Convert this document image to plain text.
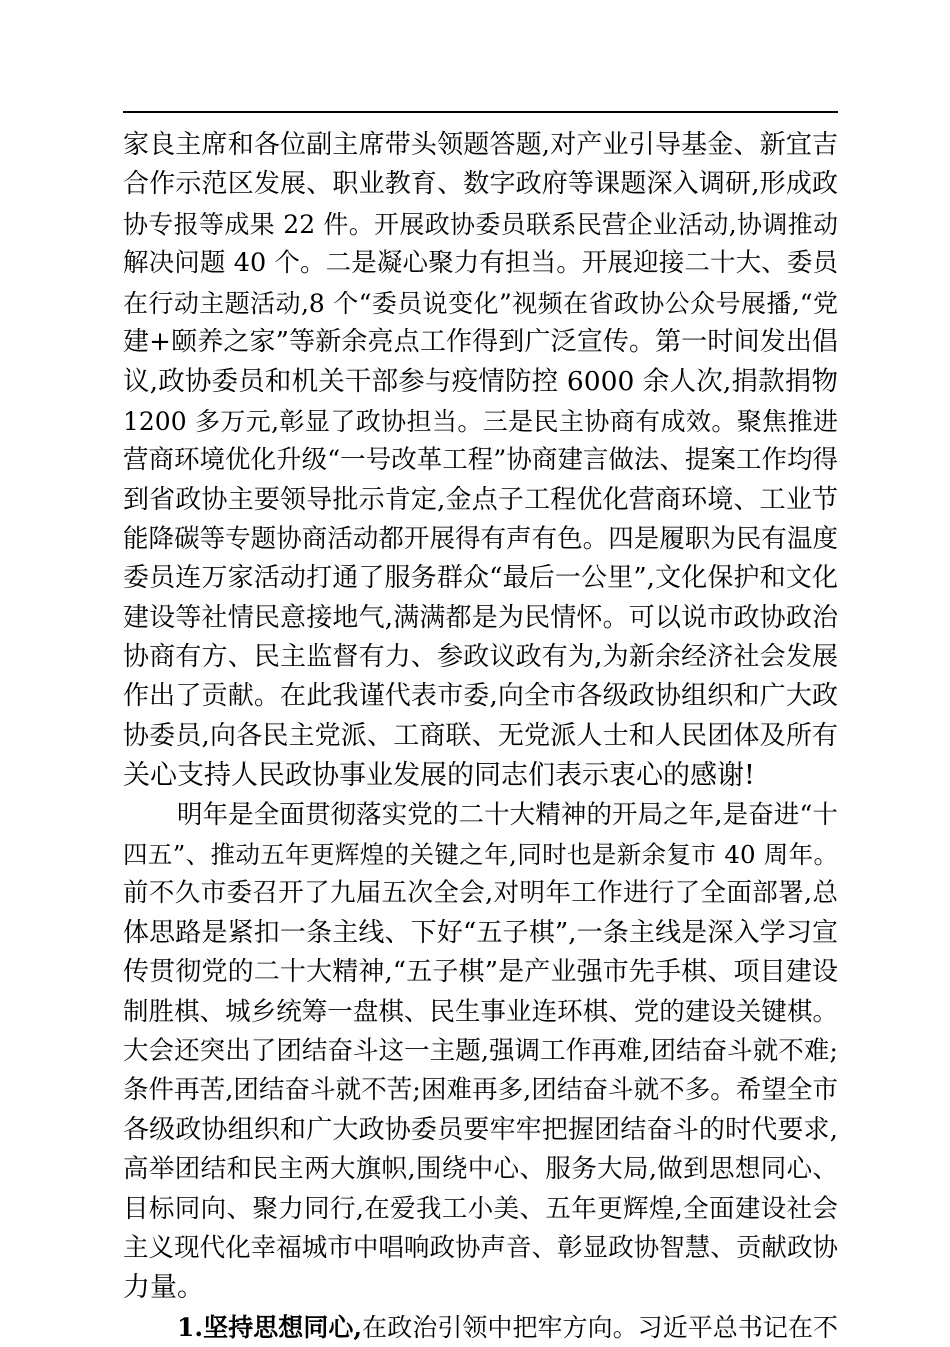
家良主席和各位副主席带头领题答题,对产业引导基金、新宜吉
合作示范区发展、职业教育、数字政府等课题深入调研,形成政
协专报等成果 22 件。开展政协委员联系民营企业活动,协调推动
解决问题 40 个。二是凝心聚力有担当。开展迎接二十大、委员
在行动主题活动,8 个“委员说变化”视频在省政协公众号展播,“党
建+颐养之家”等新余亮点工作得到广泛宣传。第一时间发出倡
议,政协委员和机关干部参与疫情防控 6000 余人次,捐款捐物
1200 多万元,彰显了政协担当。三是民主协商有成效。聚焦推进
营商环境优化升级“一号改革工程”协商建言做法、提案工作均得
到省政协主要领导批示肯定,金点子工程优化营商环境、工业节
能降碳等专题协商活动都开展得有声有色。四是履职为民有温度
委员连万家活动打通了服务群众“最后一公里”,文化保护和文化
建设等社情民意接地气,满满都是为民情怀。可以说市政协政治
协商有方、民主监督有力、参政议政有为,为新余经济社会发展
作出了贡献。在此我谨代表市委,向全市各级政协组织和广大政
协委员,向各民主党派、工商联、无党派人士和人民团体及所有
关心支持人民政协事业发展的同志们表示衷心的感谢!
明年是全面贯彻落实党的二十大精神的开局之年,是奋进“十
四五”、推动五年更辉煌的关键之年,同时也是新余复市 40 周年。
前不久市委召开了九届五次全会,对明年工作进行了全面部署,总
体思路是紧扣一条主线、下好“五子棋”,一条主线是深入学习宣
传贯彻党的二十大精神,“五子棋”是产业强市先手棋、项目建设
制胜棋、城乡统筹一盘棋、民生事业连环棋、党的建设关键棋。
大会还突出了团结奋斗这一主题,强调工作再难,团结奋斗就不难;
条件再苦,团结奋斗就不苦;困难再多,团结奋斗就不多。希望全市
各级政协组织和广大政协委员要牢牢把握团结奋斗的时代要求,
高举团结和民主两大旗帜,围绕中心、服务大局,做到思想同心、
目标同向、聚力同行,在爱我工小美、五年更辉煌,全面建设社会
主义现代化幸福城市中唱响政协声音、彰显政协智慧、贡献政协
力量。
1.坚持思想同心,在政治引领中把牢方向。习近平总书记在不
